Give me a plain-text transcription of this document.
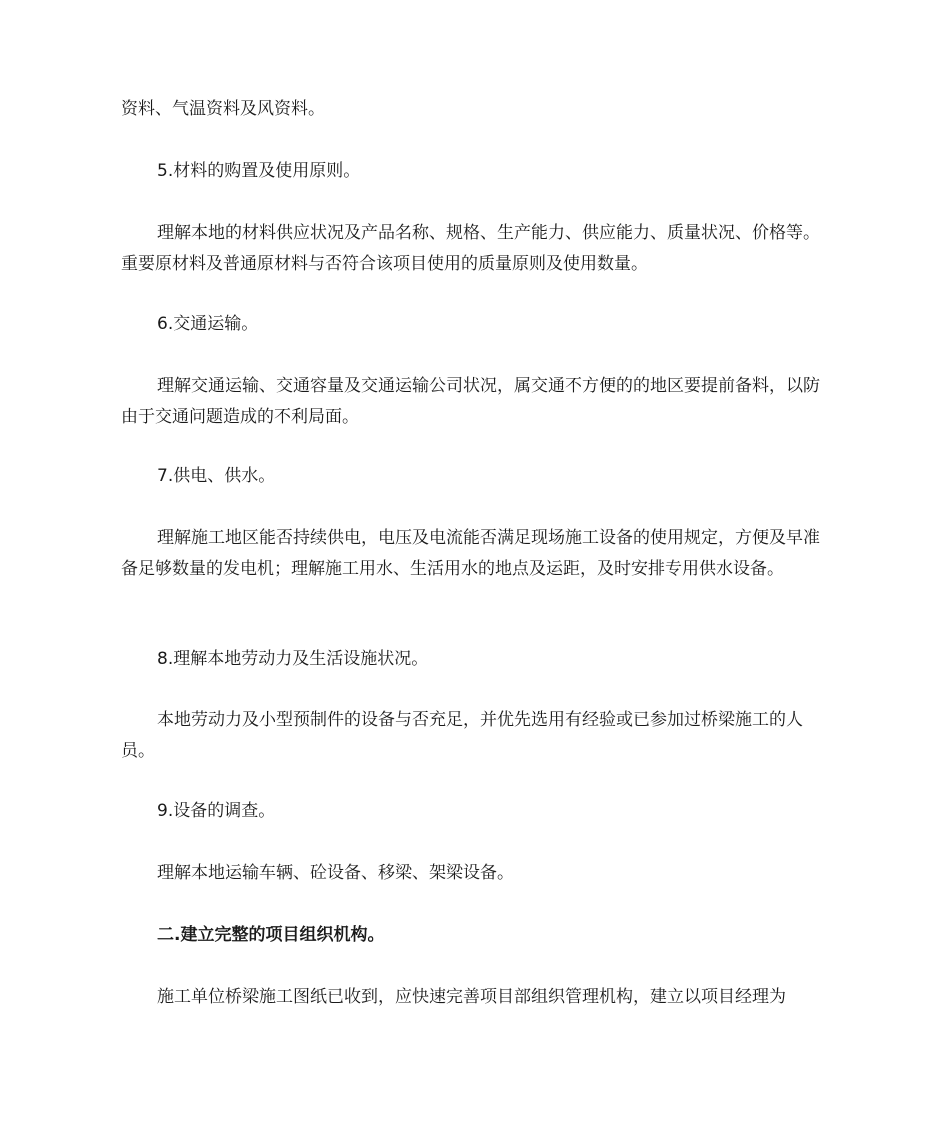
资料、气温资料及风资料。

5.材料的购置及使用原则。

理解本地的材料供应状况及产品名称、规格、生产能力、供应能力、质量状况、价格等。重要原材料及普通原材料与否符合该项目使用的质量原则及使用数量。

6.交通运输。

理解交通运输、交通容量及交通运输公司状况，属交通不方便的的地区要提前备料，以防由于交通问题造成的不利局面。

7.供电、供水。

理解施工地区能否持续供电，电压及电流能否满足现场施工设备的使用规定，方便及早准备足够数量的发电机；理解施工用水、生活用水的地点及运距，及时安排专用供水设备。

8.理解本地劳动力及生活设施状况。

本地劳动力及小型预制件的设备与否充足，并优先选用有经验或已参加过桥梁施工的人员。

9.设备的调查。

理解本地运输车辆、砼设备、移梁、架梁设备。

二.建立完整的项目组织机构。

施工单位桥梁施工图纸已收到，应快速完善项目部组织管理机构，建立以项目经理为
